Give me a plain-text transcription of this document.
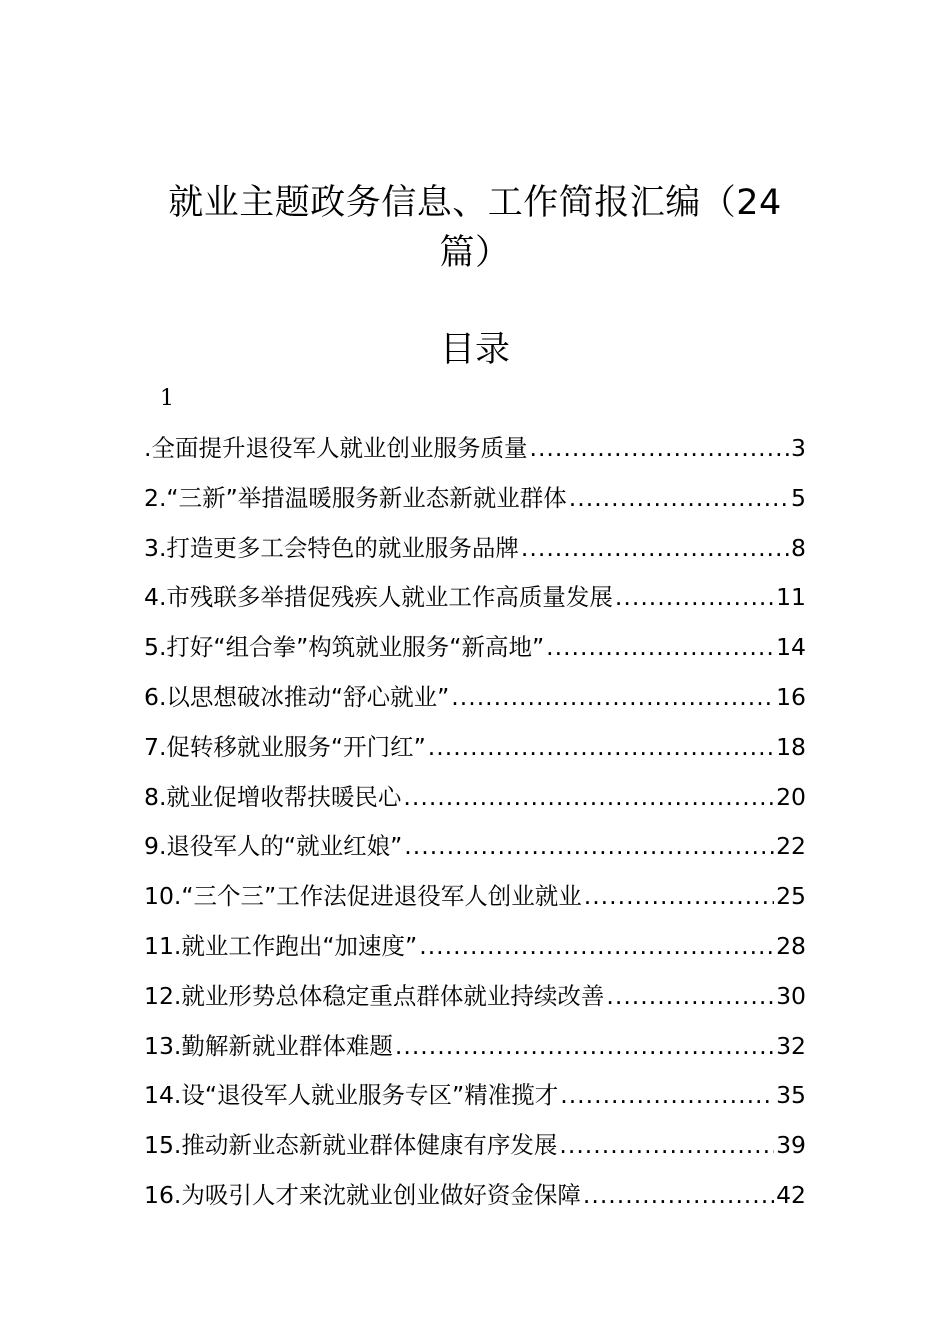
就业主题政务信息、工作简报汇编（24篇）
目录
1
.全面提升退役军人就业创业服务质量 .....	3
2.“三新”举措温暖服务新业态新就业群体 .....	5
3.打造更多工会特色的就业服务品牌 .....	8
4.市残联多举措促残疾人就业工作高质量发展 .....	11
5.打好“组合拳”构筑就业服务“新高地” .....	14
6.以思想破冰推动“舒心就业” .....	16
7.促转移就业服务“开门红” .....	18
8.就业促增收帮扶暖民心 .....	20
9.退役军人的“就业红娘” .....	22
10.“三个三”工作法促进退役军人创业就业 .....	25
11.就业工作跑出“加速度” .....	28
12.就业形势总体稳定重点群体就业持续改善 .....	30
13.勤解新就业群体难题 .....	32
14.设“退役军人就业服务专区”精准揽才 .....	35
15.推动新业态新就业群体健康有序发展 .....	39
16.为吸引人才来沈就业创业做好资金保障 .....	42
